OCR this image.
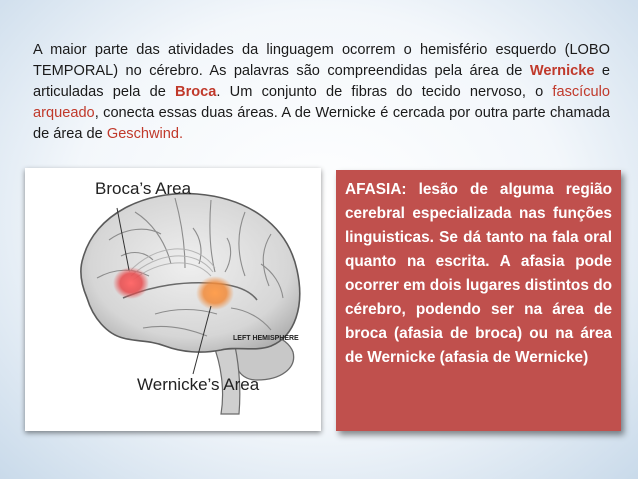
A maior parte das atividades da linguagem ocorrem o hemisfério esquerdo (LOBO TEMPORAL) no cérebro. As palavras são compreendidas pela área de Wernicke e articuladas pela de Broca. Um conjunto de fibras do tecido nervoso, o fascículo arqueado, conecta essas duas áreas. A de Wernicke é cercada por outra parte chamada de área de Geschwind.

Broca’s Area
Wernicke’s Area
LEFT HEMISPHERE

AFASIA: lesão de alguma região cerebral especializada nas funções linguisticas. Se dá tanto na fala oral quanto na escrita. A afasia pode ocorrer em dois lugares distintos do cérebro, podendo ser na área de broca (afasia de broca) ou na área de Wernicke (afasia de Wernicke)
